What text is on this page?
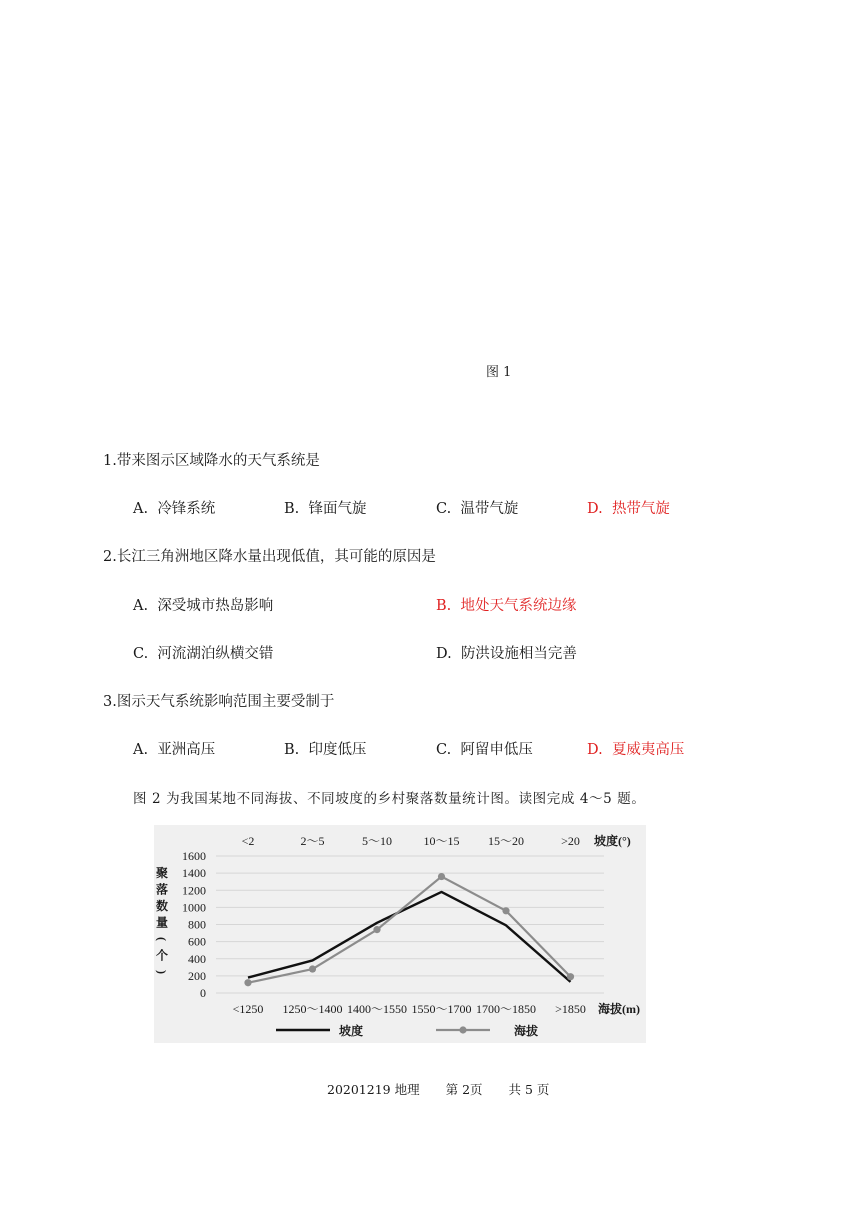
图 1
1.带来图示区域降水的天气系统是
A. 冷锋系统	B. 锋面气旋	C. 温带气旋	D. 热带气旋
2.长江三角洲地区降水量出现低值，其可能的原因是
A. 深受城市热岛影响	B. 地处天气系统边缘
C. 河流湖泊纵横交错	D. 防洪设施相当完善
3.图示天气系统影响范围主要受制于
A. 亚洲高压	B. 印度低压	C. 阿留申低压	D. 夏威夷高压
图 2 为我国某地不同海拔、不同坡度的乡村聚落数量统计图。读图完成 4～5 题。
0
200
400
600
800
1000
1200
1400
1600
聚
落
数
量
(
个
)
<2	2～5	5～10	10～15 15～20	>20 坡度(°)
<1250 1250～1400 1400～1550 1550～1700 1700～1850 >1850 海拔(m)
坡度	海拔
20201219 地理 第 2页 共 5 页
